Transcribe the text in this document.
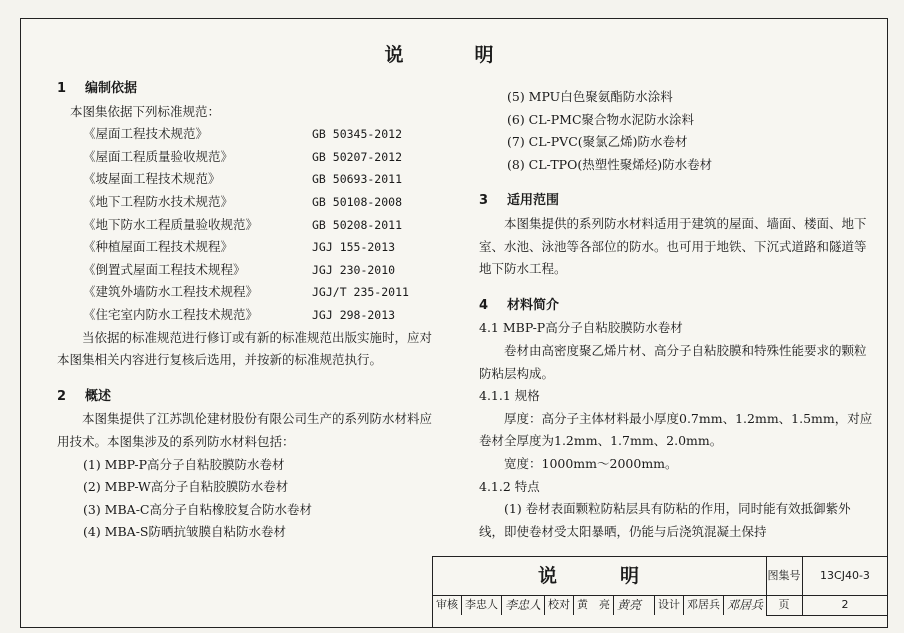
说　明
1 编制依据
本图集依据下列标准规范：
《屋面工程技术规范》	GB 50345-2012
《屋面工程质量验收规范》	GB 50207-2012
《坡屋面工程技术规范》	GB 50693-2011
《地下工程防水技术规范》	GB 50108-2008
《地下防水工程质量验收规范》	GB 50208-2011
《种植屋面工程技术规程》	JGJ 155-2013
《倒置式屋面工程技术规程》	JGJ 230-2010
《建筑外墙防水工程技术规程》	JGJ/T 235-2011
《住宅室内防水工程技术规范》	JGJ 298-2013
当依据的标准规范进行修订或有新的标准规范出版实施时，应对本图集相关内容进行复核后选用，并按新的标准规范执行。
2 概述
本图集提供了江苏凯伦建材股份有限公司生产的系列防水材料应用技术。本图集涉及的系列防水材料包括：
(1) MBP-P高分子自粘胶膜防水卷材
(2) MBP-W高分子自粘胶膜防水卷材
(3) MBA-C高分子自粘橡胶复合防水卷材
(4) MBA-S防晒抗皱膜自粘防水卷材
(5) MPU白色聚氨酯防水涂料
(6) CL-PMC聚合物水泥防水涂料
(7) CL-PVC(聚氯乙烯)防水卷材
(8) CL-TPO(热塑性聚烯烃)防水卷材
3 适用范围
本图集提供的系列防水材料适用于建筑的屋面、墙面、楼面、地下室、水池、泳池等各部位的防水。也可用于地铁、下沉式道路和隧道等地下防水工程。
4 材料简介
4.1 MBP-P高分子自粘胶膜防水卷材
卷材由高密度聚乙烯片材、高分子自粘胶膜和特殊性能要求的颗粒防粘层构成。
4.1.1 规格
厚度：高分子主体材料最小厚度0.7mm、1.2mm、1.5mm，对应卷材全厚度为1.2mm、1.7mm、2.0mm。
宽度：1000mm～2000mm。
4.1.2 特点
(1) 卷材表面颗粒防粘层具有防粘的作用，同时能有效抵御紫外线，即使卷材受太阳暴晒，仍能与后浇筑混凝土保持
说　明	图集号	13CJ40-3
审核 李忠人 李忠人 校对 黄　亮 黄亮	设计 邓居兵 邓居兵	页	2
